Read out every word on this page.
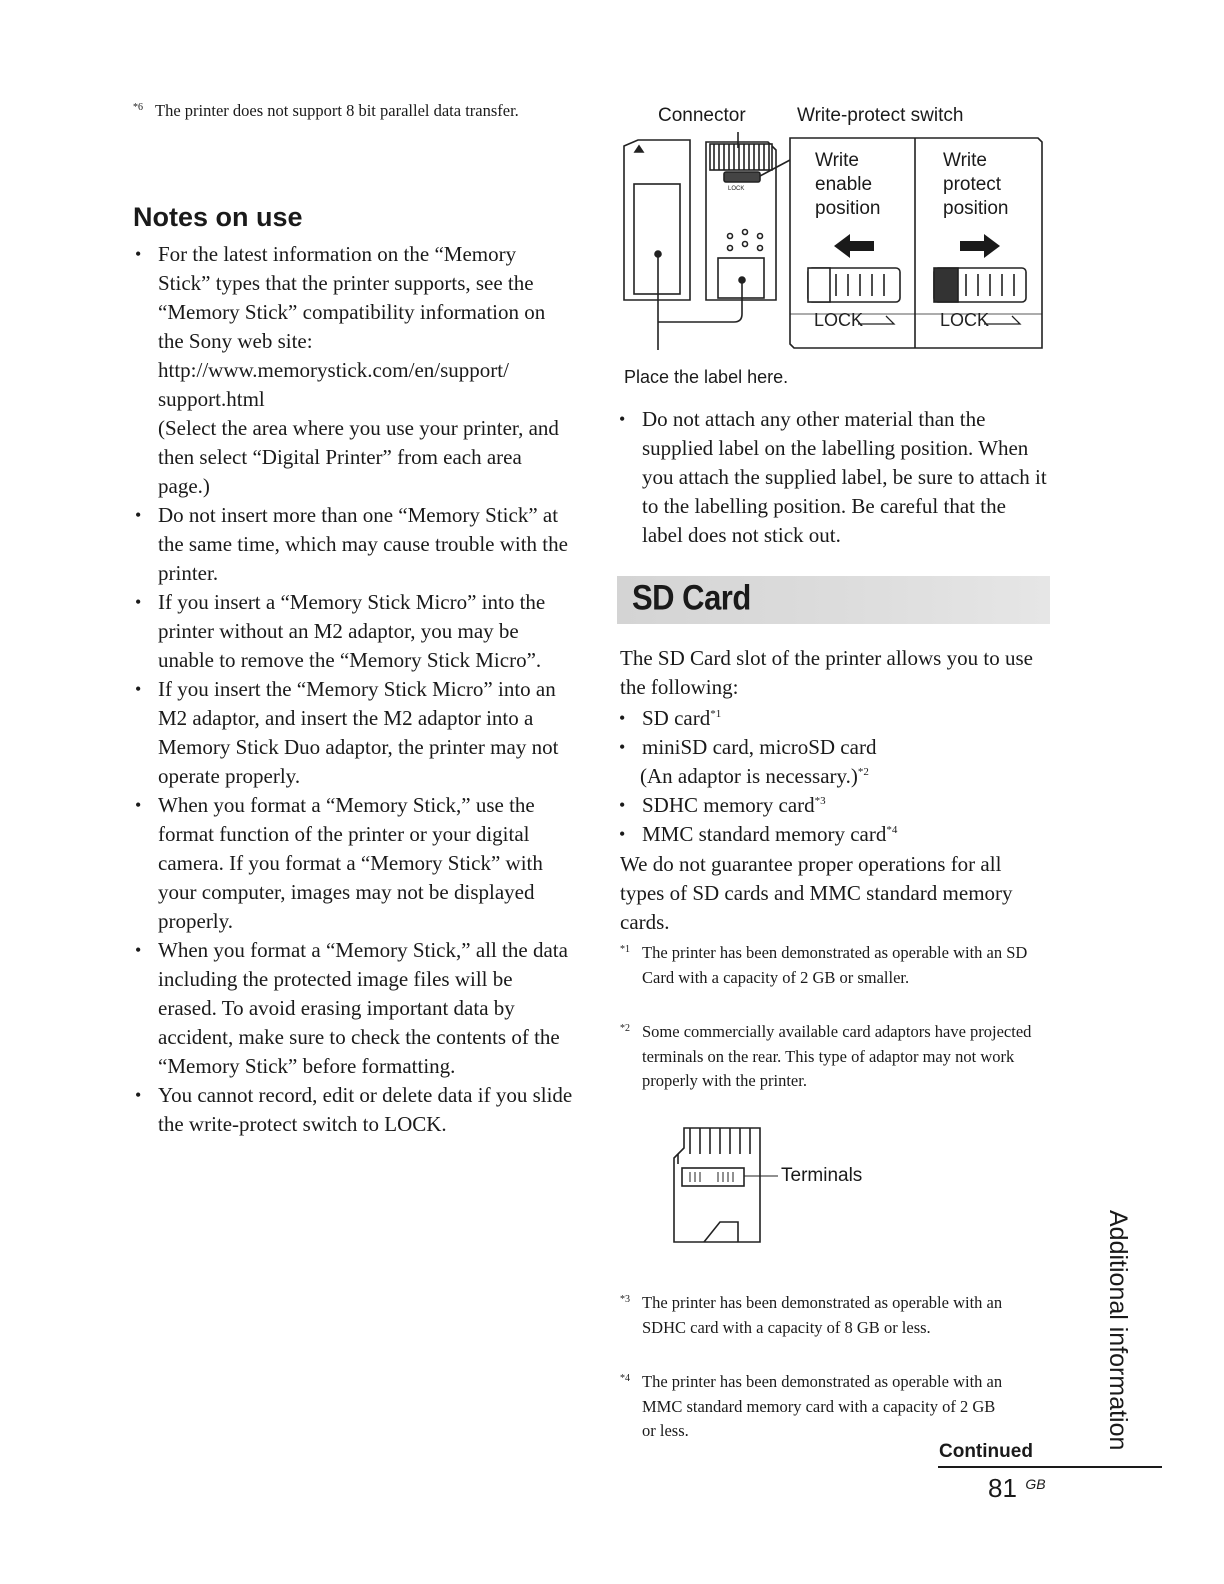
*6 The printer does not support 8 bit parallel data transfer.
Notes on use
• For the latest information on the “Memory Stick” types that the printer supports, see the “Memory Stick” compatibility information on the Sony web site:
http://www.memorystick.com/en/support/ support.html
(Select the area where you use your printer, and then select “Digital Printer” from each area page.)
• Do not insert more than one “Memory Stick” at the same time, which may cause trouble with the printer.
• If you insert a “Memory Stick Micro” into the printer without an M2 adaptor, you may be unable to remove the “Memory Stick Micro”.
• If you insert the “Memory Stick Micro” into an M2 adaptor, and insert the M2 adaptor into a Memory Stick Duo adaptor, the printer may not operate properly.
• When you format a “Memory Stick,” use the format function of the printer or your digital camera. If you format a “Memory Stick” with your computer, images may not be displayed properly.
• When you format a “Memory Stick,” all the data including the protected image files will be erased. To avoid erasing important data by accident, make sure to check the contents of the “Memory Stick” before formatting.
• You cannot record, edit or delete data if you slide the write-protect switch to LOCK.
Connector	Write-protect switch
LOCK
LOCK	LOCK
Write
enable
position
Write
protect
position
Place the label here.
• Do not attach any other material than the supplied label on the labelling position. When you attach the supplied label, be sure to attach it to the labelling position. Be careful that the label does not stick out.
SD Card
The SD Card slot of the printer allows you to use the following:
• SD card$^{*1}$
• miniSD card, microSD card
(An adaptor is necessary.)$^{*2}$
• SDHC memory card$^{*3}$
• MMC standard memory card$^{*4}$
We do not guarantee proper operations for all types of SD cards and MMC standard memory cards.
*1 The printer has been demonstrated as operable with an SD Card with a capacity of 2 GB or smaller.
*2 Some commercially available card adaptors have projected terminals on the rear. This type of adaptor may not work properly with the printer.
Terminals
*3 The printer has been demonstrated as operable with an SDHC card with a capacity of 8 GB or less.
*4 The printer has been demonstrated as operable with an MMC standard memory card with a capacity of 2 GB or less.	Additional information
Continued
81 GB
